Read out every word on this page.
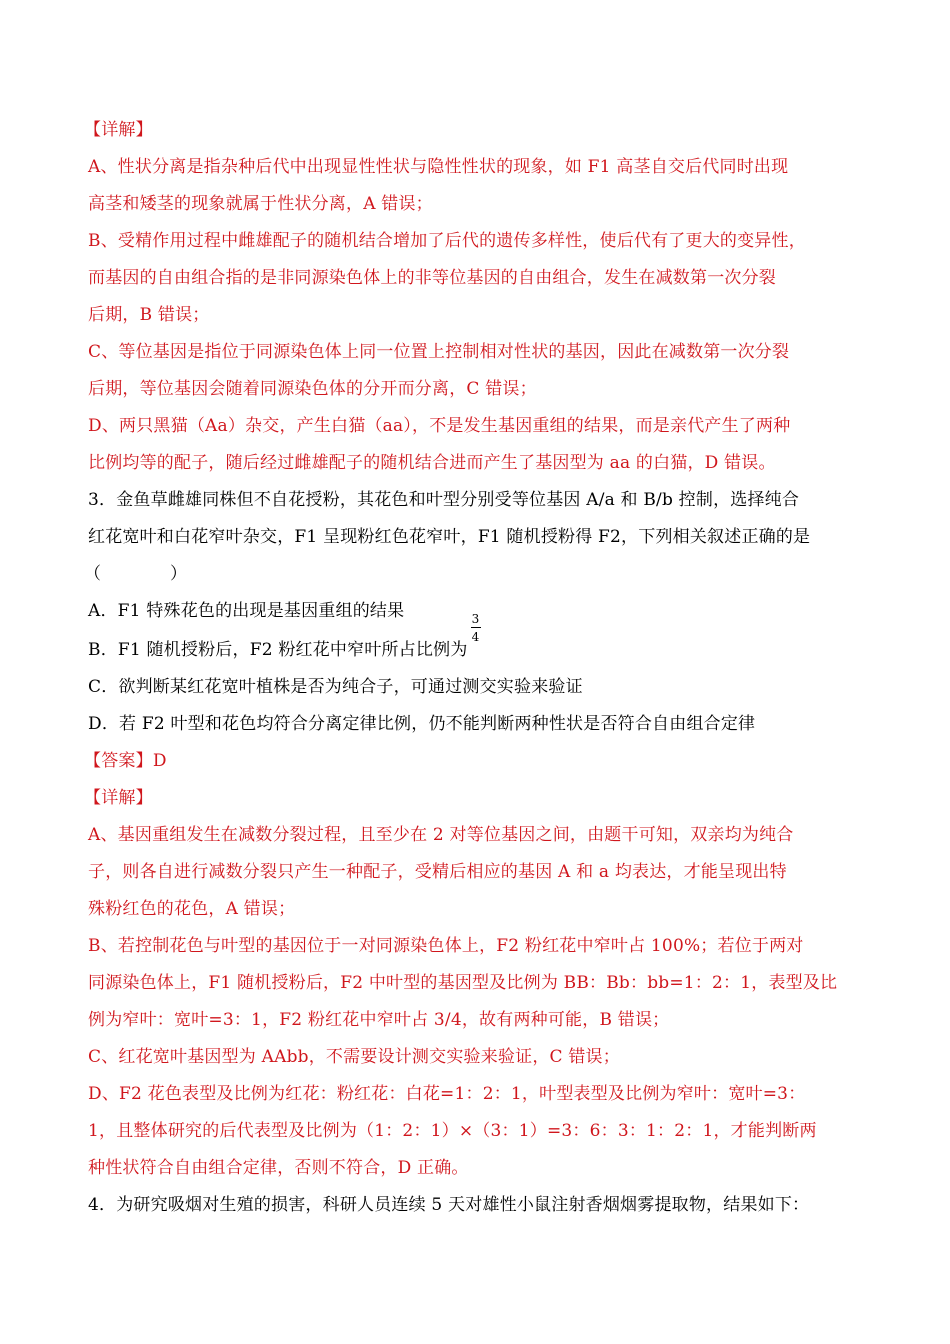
【详解】
A、性状分离是指杂种后代中出现显性性状与隐性性状的现象，如 F1 高茎自交后代同时出现
高茎和矮茎的现象就属于性状分离，A 错误；
B、受精作用过程中雌雄配子的随机结合增加了后代的遗传多样性，使后代有了更大的变异性，
而基因的自由组合指的是非同源染色体上的非等位基因的自由组合，发生在减数第一次分裂
后期，B 错误；
C、等位基因是指位于同源染色体上同一位置上控制相对性状的基因，因此在减数第一次分裂
后期，等位基因会随着同源染色体的分开而分离，C 错误；
D、两只黑猫（Aa）杂交，产生白猫（aa），不是发生基因重组的结果，而是亲代产生了两种
比例均等的配子，随后经过雌雄配子的随机结合进而产生了基因型为 aa 的白猫，D 错误。
3．金鱼草雌雄同株但不自花授粉，其花色和叶型分别受等位基因 A/a 和 B/b 控制，选择纯合
红花宽叶和白花窄叶杂交，F1 呈现粉红色花窄叶，F1 随机授粉得 F2，下列相关叙述正确的是
（　　　　）
A．F1 特殊花色的出现是基因重组的结果
B．F1 随机授粉后，F2 粉红花中窄叶所占比例为 $\frac{3}{4}$
C．欲判断某红花宽叶植株是否为纯合子，可通过测交实验来验证
D．若 F2 叶型和花色均符合分离定律比例，仍不能判断两种性状是否符合自由组合定律
【答案】D
【详解】
A、基因重组发生在减数分裂过程，且至少在 2 对等位基因之间，由题干可知，双亲均为纯合
子，则各自进行减数分裂只产生一种配子，受精后相应的基因 A 和 a 均表达，才能呈现出特
殊粉红色的花色，A 错误；
B、若控制花色与叶型的基因位于一对同源染色体上，F2 粉红花中窄叶占 100%；若位于两对
同源染色体上，F1 随机授粉后，F2 中叶型的基因型及比例为 BB：Bb：bb=1：2：1，表型及比
例为窄叶：宽叶=3：1，F2 粉红花中窄叶占 3/4，故有两种可能，B 错误；
C、红花宽叶基因型为 AAbb，不需要设计测交实验来验证，C 错误；
D、F2 花色表型及比例为红花：粉红花：白花=1：2：1，叶型表型及比例为窄叶：宽叶=3：
1，且整体研究的后代表型及比例为（1：2：1）×（3：1）=3：6：3：1：2：1，才能判断两
种性状符合自由组合定律，否则不符合，D 正确。
4．为研究吸烟对生殖的损害，科研人员连续 5 天对雄性小鼠注射香烟烟雾提取物，结果如下：
